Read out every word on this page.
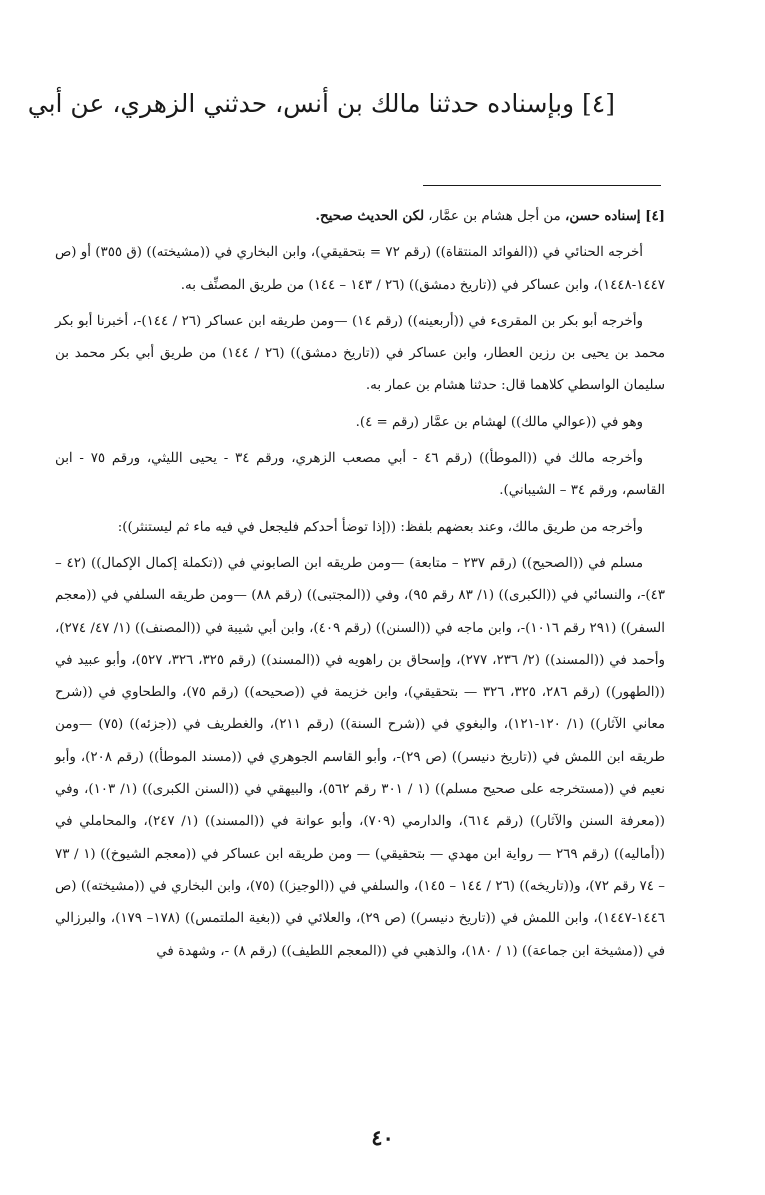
[٤] وبإسناده حدثنا مالك بن أنس، حدثني الزهري، عن أبي

[٤] إسناده حسن، من أجل هشام بن عمَّار، لكن الحديث صحيح.

أخرجه الحنائي في ((الفوائد المنتقاة)) (رقم ٧٢ = بتحقيقي)، وابن البخاري في ((مشيخته)) (ق ٣٥٥) أو (ص ١٤٤٧-١٤٤٨)، وابن عساكر في ((تاريخ دمشق)) (٢٦ / ١٤٣ – ١٤٤) من طريق المصنِّف به.

وأخرجه أبو بكر بن المقرىء في ((أربعينه)) (رقم ١٤) —ومن طريقه ابن عساكر (٢٦ / ١٤٤)-، أخبرنا أبو بكر محمد بن يحيى بن رزين العطار، وابن عساكر في ((تاريخ دمشق)) (٢٦ / ١٤٤) من طريق أبي بكر محمد بن سليمان الواسطي كلاهما قال: حدثنا هشام بن عمار به.

وهو في ((عوالي مالك)) لهشام بن عمَّار (رقم = ٤).

وأخرجه مالك في ((الموطأ)) (رقم ٤٦ - أبي مصعب الزهري، ورقم ٣٤ - يحيى الليثي، ورقم ٧٥ - ابن القاسم، ورقم ٣٤ – الشيباني).

وأخرجه من طريق مالك، وعند بعضهم بلفظ: ((إذا توضأ أحدكم فليجعل في فيه ماء ثم ليستنثر)):

مسلم في ((الصحيح)) (رقم ٢٣٧ – متابعة) —ومن طريقه ابن الصابوني في ((تكملة إكمال الإكمال)) (٤٢ – ٤٣)-، والنسائي في ((الكبرى)) (١/ ٨٣ رقم ٩٥)، وفي ((المجتبى)) (رقم ٨٨) —ومن طريقه السلفي في ((معجم السفر)) (٢٩١ رقم ١٠١٦)-، وابن ماجه في ((السنن)) (رقم ٤٠٩)، وابن أبي شيبة في ((المصنف)) (١/ ٤٧/ ٢٧٤)، وأحمد في ((المسند)) (٢/ ٢٣٦، ٢٧٧)، وإسحاق بن راهويه في ((المسند)) (رقم ٣٢٥، ٣٢٦، ٥٢٧)، وأبو عبيد في ((الطهور)) (رقم ٢٨٦، ٣٢٥، ٣٢٦ — بتحقيقي)، وابن خزيمة في ((صحيحه)) (رقم ٧٥)، والطحاوي في ((شرح معاني الآثار)) (١/ ١٢٠-١٢١)، والبغوي في ((شرح السنة)) (رقم ٢١١)، والغطريف في ((جزئه)) (٧٥) —ومن طريقه ابن اللمش في ((تاريخ دنيسر)) (ص ٢٩)-، وأبو القاسم الجوهري في ((مسند الموطأ)) (رقم ٢٠٨)، وأبو نعيم في ((مستخرجه على صحيح مسلم)) (١ / ٣٠١ رقم ٥٦٢)، والبيهقي في ((السنن الكبرى)) (١/ ١٠٣)، وفي ((معرفة السنن والآثار)) (رقم ٦١٤)، والدارمي (٧٠٩)، وأبو عوانة في ((المسند)) (١/ ٢٤٧)، والمحاملي في ((أماليه)) (رقم ٢٦٩ — رواية ابن مهدي — بتحقيقي) — ومن طريقه ابن عساكر في ((معجم الشيوخ)) (١ / ٧٣ – ٧٤ رقم ٧٢)، و((تاريخه)) (٢٦ / ١٤٤ – ١٤٥)، والسلفي في ((الوجيز)) (٧٥)، وابن البخاري في ((مشيخته)) (ص ١٤٤٦-١٤٤٧)، وابن اللمش في ((تاريخ دنيسر)) (ص ٢٩)، والعلائي في ((بغية الملتمس)) (١٧٨– ١٧٩)، والبرزالي في ((مشيخة ابن جماعة)) (١ / ١٨٠)، والذهبي في ((المعجم اللطيف)) (رقم ٨) -، وشهدة في

٤٠
